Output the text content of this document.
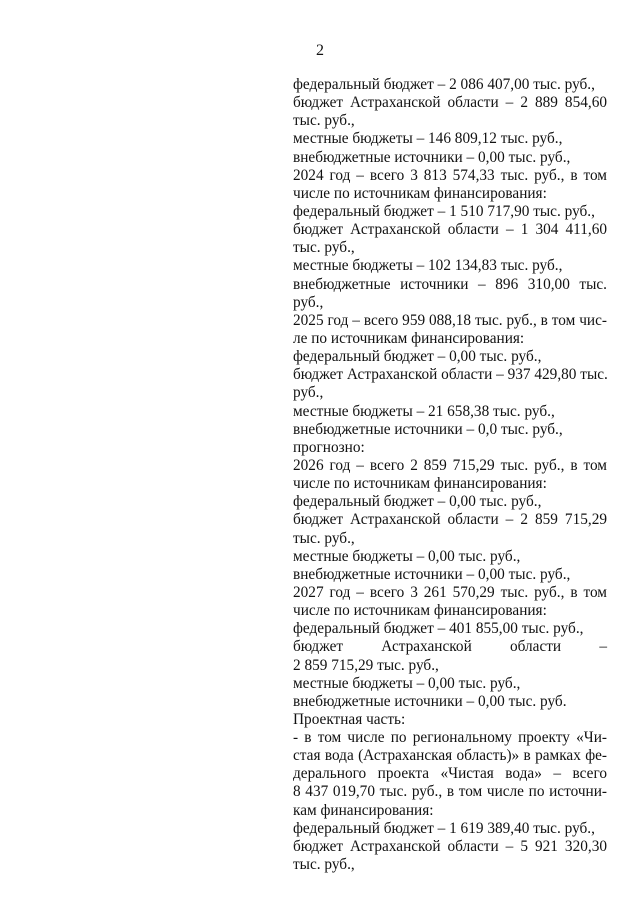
2
федеральный бюджет – 2 086 407,00 тыс. руб.,
бюджет Астраханской области – 2 889 854,60
тыс. руб.,
местные бюджеты – 146 809,12 тыс. руб.,
внебюджетные источники – 0,00 тыс. руб.,
2024 год – всего 3 813 574,33 тыс. руб., в том
числе по источникам финансирования:
федеральный бюджет – 1 510 717,90 тыс. руб.,
бюджет Астраханской области – 1 304 411,60
тыс. руб.,
местные бюджеты – 102 134,83 тыс. руб.,
внебюджетные источники – 896 310,00 тыс.
руб.,
2025 год – всего 959 088,18 тыс. руб., в том чис-
ле по источникам финансирования:
федеральный бюджет – 0,00 тыс. руб.,
бюджет Астраханской области – 937 429,80 тыс.
руб.,
местные бюджеты – 21 658,38 тыс. руб.,
внебюджетные источники – 0,0 тыс. руб.,
прогнозно:
2026 год – всего 2 859 715,29 тыс. руб., в том
числе по источникам финансирования:
федеральный бюджет – 0,00 тыс. руб.,
бюджет Астраханской области – 2 859 715,29
тыс. руб.,
местные бюджеты – 0,00 тыс. руб.,
внебюджетные источники – 0,00 тыс. руб.,
2027 год – всего 3 261 570,29 тыс. руб., в том
числе по источникам финансирования:
федеральный бюджет – 401 855,00 тыс. руб.,
бюджет Астраханской области –
2 859 715,29 тыс. руб.,
местные бюджеты – 0,00 тыс. руб.,
внебюджетные источники – 0,00 тыс. руб.
Проектная часть:
- в том числе по региональному проекту «Чи-
стая вода (Астраханская область)» в рамках фе-
дерального проекта «Чистая вода» – всего
8 437 019,70 тыс. руб., в том числе по источни-
кам финансирования:
федеральный бюджет – 1 619 389,40 тыс. руб.,
бюджет Астраханской области – 5 921 320,30
тыс. руб.,
